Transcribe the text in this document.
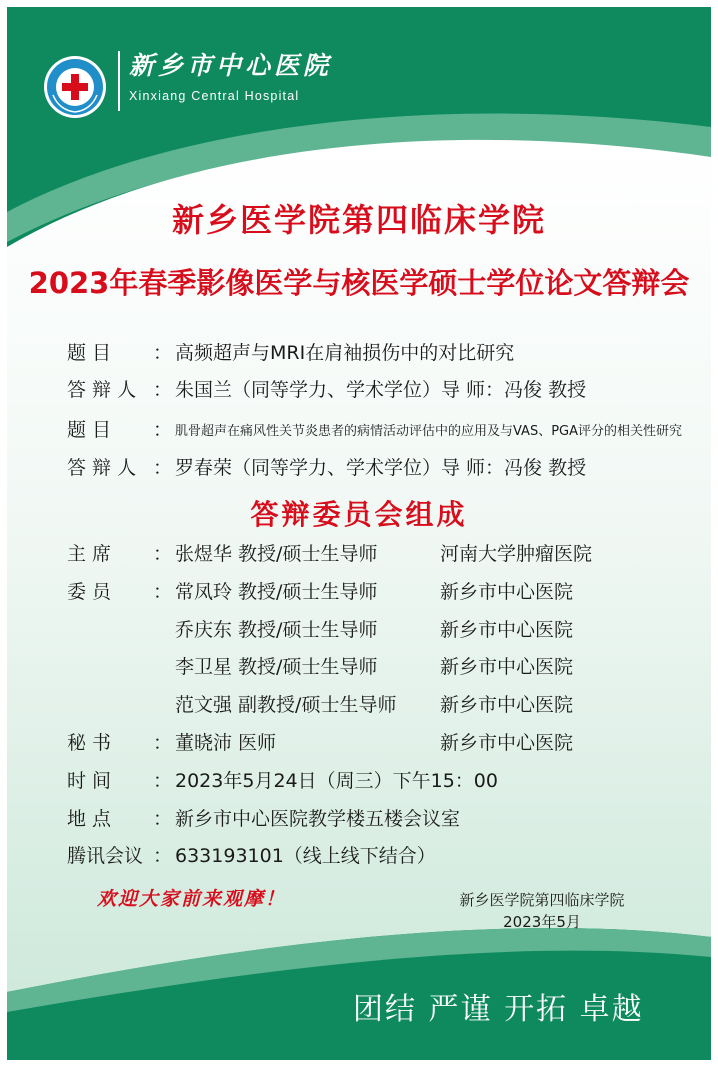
新乡市中心医院
Xinxiang Central Hospital
新乡医学院第四临床学院
2023年春季影像医学与核医学硕士学位论文答辩会
题 目 ： 高频超声与MRI在肩袖损伤中的对比研究
答 辩 人 ： 朱国兰（同等学力、学术学位）导 师：冯俊 教授
题 目 ： 肌骨超声在痛风性关节炎患者的病情活动评估中的应用及与VAS、PGA评分的相关性研究
答 辩 人 ： 罗春荣（同等学力、学术学位）导 师：冯俊 教授
答辩委员会组成
主 席 ： 张煜华 教授/硕士生导师	河南大学肿瘤医院
委 员 ： 常凤玲 教授/硕士生导师	新乡市中心医院
乔庆东 教授/硕士生导师	新乡市中心医院
李卫星 教授/硕士生导师	新乡市中心医院
范文强 副教授/硕士生导师 新乡市中心医院
秘 书 ： 董晓沛 医师	新乡市中心医院
时 间 ： 2023年5月24日（周三）下午15：00
地 点 ： 新乡市中心医院教学楼五楼会议室
腾讯会议 ： 633193101（线上线下结合）
欢迎大家前来观摩！	新乡医学院第四临床学院
2023年5月
团结 严谨 开拓 卓越
